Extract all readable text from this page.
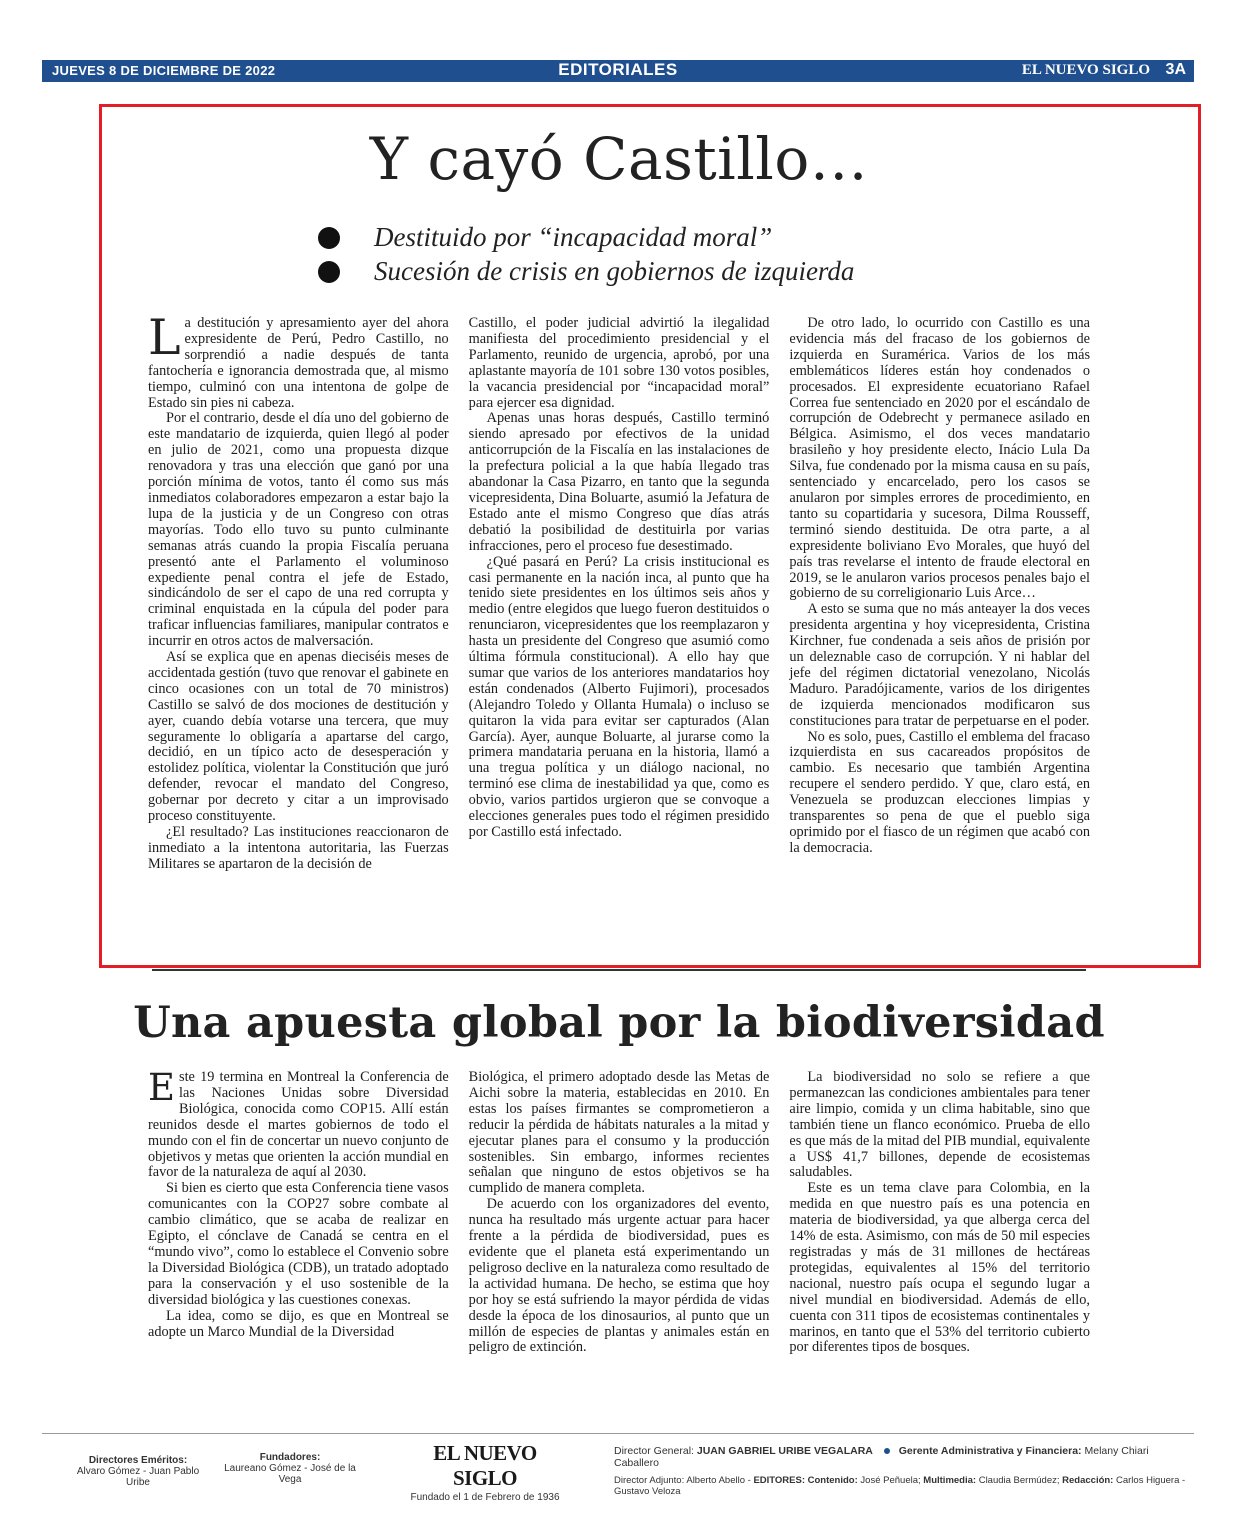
JUEVES 8 DE DICIEMBRE DE 2022	EDITORIALES	EL NUEVO SIGLO 3A
Y cayó Castillo…
Destituido por “incapacidad moral”
Sucesión de crisis en gobiernos de izquierda

La destitución y apresamiento ayer del ahora expresidente de Perú, Pedro Castillo, no sorprendió a nadie después de tanta fantochería e ignorancia demostrada que, al mismo tiempo, culminó con una intentona de golpe de Estado sin pies ni cabeza.

Por el contrario, desde el día uno del gobierno de este mandatario de izquierda, quien llegó al poder en julio de 2021, como una propuesta dizque renovadora y tras una elección que ganó por una porción mínima de votos, tanto él como sus más inmediatos colaboradores empezaron a estar bajo la lupa de la justicia y de un Congreso con otras mayorías. Todo ello tuvo su punto culminante semanas atrás cuando la propia Fiscalía peruana presentó ante el Parlamento el voluminoso expediente penal contra el jefe de Estado, sindicándolo de ser el capo de una red corrupta y criminal enquistada en la cúpula del poder para traficar influencias familiares, manipular contratos e incurrir en otros actos de malversación.

Así se explica que en apenas dieciséis meses de accidentada gestión (tuvo que renovar el gabinete en cinco ocasiones con un total de 70 ministros) Castillo se salvó de dos mociones de destitución y ayer, cuando debía votarse una tercera, que muy seguramente lo obligaría a apartarse del cargo, decidió, en un típico acto de desesperación y estolidez política, violentar la Constitución que juró defender, revocar el mandato del Congreso, gobernar por decreto y citar a un improvisado proceso constituyente.

¿El resultado? Las instituciones reaccionaron de inmediato a la intentona autoritaria, las Fuerzas Militares se apartaron de la decisión de

Castillo, el poder judicial advirtió la ilegalidad manifiesta del procedimiento presidencial y el Parlamento, reunido de urgencia, aprobó, por una aplastante mayoría de 101 sobre 130 votos posibles, la vacancia presidencial por “incapacidad moral” para ejercer esa dignidad.

Apenas unas horas después, Castillo terminó siendo apresado por efectivos de la unidad anticorrupción de la Fiscalía en las instalaciones de la prefectura policial a la que había llegado tras abandonar la Casa Pizarro, en tanto que la segunda vicepresidenta, Dina Boluarte, asumió la Jefatura de Estado ante el mismo Congreso que días atrás debatió la posibilidad de destituirla por varias infracciones, pero el proceso fue desestimado.

¿Qué pasará en Perú? La crisis institucional es casi permanente en la nación inca, al punto que ha tenido siete presidentes en los últimos seis años y medio (entre elegidos que luego fueron destituidos o renunciaron, vicepresidentes que los reemplazaron y hasta un presidente del Congreso que asumió como última fórmula constitucional). A ello hay que sumar que varios de los anteriores mandatarios hoy están condenados (Alberto Fujimori), procesados (Alejandro Toledo y Ollanta Humala) o incluso se quitaron la vida para evitar ser capturados (Alan García). Ayer, aunque Boluarte, al jurarse como la primera mandataria peruana en la historia, llamó a una tregua política y un diálogo nacional, no terminó ese clima de inestabilidad ya que, como es obvio, varios partidos urgieron que se convoque a elecciones generales pues todo el régimen presidido por Castillo está infectado.

De otro lado, lo ocurrido con Castillo es una evidencia más del fracaso de los gobiernos de izquierda en Suramérica. Varios de los más emblemáticos líderes están hoy condenados o procesados. El expresidente ecuatoriano Rafael Correa fue sentenciado en 2020 por el escándalo de corrupción de Odebrecht y permanece asilado en Bélgica. Asimismo, el dos veces mandatario brasileño y hoy presidente electo, Inácio Lula Da Silva, fue condenado por la misma causa en su país, sentenciado y encarcelado, pero los casos se anularon por simples errores de procedimiento, en tanto su copartidaria y sucesora, Dilma Rousseff, terminó siendo destituida. De otra parte, a al expresidente boliviano Evo Morales, que huyó del país tras revelarse el intento de fraude electoral en 2019, se le anularon varios procesos penales bajo el gobierno de su correligionario Luis Arce…

A esto se suma que no más anteayer la dos veces presidenta argentina y hoy vicepresidenta, Cristina Kirchner, fue condenada a seis años de prisión por un deleznable caso de corrupción. Y ni hablar del jefe del régimen dictatorial venezolano, Nicolás Maduro. Paradójicamente, varios de los dirigentes de izquierda mencionados modificaron sus constituciones para tratar de perpetuarse en el poder.

No es solo, pues, Castillo el emblema del fracaso izquierdista en sus cacareados propósitos de cambio. Es necesario que también Argentina recupere el sendero perdido. Y que, claro está, en Venezuela se produzcan elecciones limpias y transparentes so pena de que el pueblo siga oprimido por el fiasco de un régimen que acabó con la democracia.

Una apuesta global por la biodiversidad

Este 19 termina en Montreal la Conferencia de las Naciones Unidas sobre Diversidad Biológica, conocida como COP15. Allí están reunidos desde el martes gobiernos de todo el mundo con el fin de concertar un nuevo conjunto de objetivos y metas que orienten la acción mundial en favor de la naturaleza de aquí al 2030.

Si bien es cierto que esta Conferencia tiene vasos comunicantes con la COP27 sobre combate al cambio climático, que se acaba de realizar en Egipto, el cónclave de Canadá se centra en el “mundo vivo”, como lo establece el Convenio sobre la Diversidad Biológica (CDB), un tratado adoptado para la conservación y el uso sostenible de la diversidad biológica y las cuestiones conexas.

La idea, como se dijo, es que en Montreal se adopte un Marco Mundial de la Diversidad

Biológica, el primero adoptado desde las Metas de Aichi sobre la materia, establecidas en 2010. En estas los países firmantes se comprometieron a reducir la pérdida de hábitats naturales a la mitad y ejecutar planes para el consumo y la producción sostenibles. Sin embargo, informes recientes señalan que ninguno de estos objetivos se ha cumplido de manera completa.

De acuerdo con los organizadores del evento, nunca ha resultado más urgente actuar para hacer frente a la pérdida de biodiversidad, pues es evidente que el planeta está experimentando un peligroso declive en la naturaleza como resultado de la actividad humana. De hecho, se estima que hoy por hoy se está sufriendo la mayor pérdida de vidas desde la época de los dinosaurios, al punto que un millón de especies de plantas y animales están en peligro de extinción.

La biodiversidad no solo se refiere a que permanezcan las condiciones ambientales para tener aire limpio, comida y un clima habitable, sino que también tiene un flanco económico. Prueba de ello es que más de la mitad del PIB mundial, equivalente a US$ 41,7 billones, depende de ecosistemas saludables.

Este es un tema clave para Colombia, en la medida en que nuestro país es una potencia en materia de biodiversidad, ya que alberga cerca del 14% de esta. Asimismo, con más de 50 mil especies registradas y más de 31 millones de hectáreas protegidas, equivalentes al 15% del territorio nacional, nuestro país ocupa el segundo lugar a nivel mundial en biodiversidad. Además de ello, cuenta con 311 tipos de ecosistemas continentales y marinos, en tanto que el 53% del territorio cubierto por diferentes tipos de bosques.

Directores Eméritos:
Alvaro Gómez - Juan Pablo Uribe
Fundadores:
Laureano Gómez - José de la Vega
EL NUEVO SIGLO
Fundado el 1 de Febrero de 1936
Director General: JUAN GABRIEL URIBE VEGALARA Gerente Administrativa y Financiera: Melany Chiari Caballero
Director Adjunto: Alberto Abello - EDITORES: Contenido: José Peñuela; Multimedia: Claudia Bermúdez; Redacción: Carlos Higuera - Gustavo Veloza
